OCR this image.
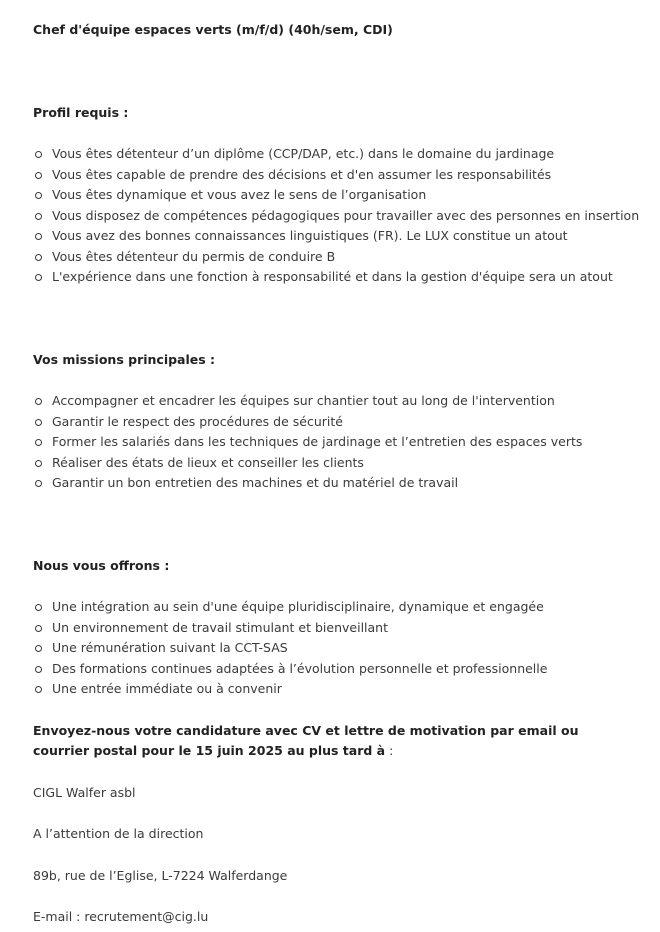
Chef d'équipe espaces verts (m/f/d) (40h/sem, CDI)

Profil requis :

Vous êtes détenteur d’un diplôme (CCP/DAP, etc.) dans le domaine du jardinage
Vous êtes capable de prendre des décisions et d'en assumer les responsabilités
Vous êtes dynamique et vous avez le sens de l’organisation
Vous disposez de compétences pédagogiques pour travailler avec des personnes en insertion
Vous avez des bonnes connaissances linguistiques (FR). Le LUX constitue un atout
Vous êtes détenteur du permis de conduire B
L'expérience dans une fonction à responsabilité et dans la gestion d'équipe sera un atout

Vos missions principales :

Accompagner et encadrer les équipes sur chantier tout au long de l'intervention
Garantir le respect des procédures de sécurité
Former les salariés dans les techniques de jardinage et l’entretien des espaces verts
Réaliser des états de lieux et conseiller les clients
Garantir un bon entretien des machines et du matériel de travail

Nous vous offrons :

Une intégration au sein d'une équipe pluridisciplinaire, dynamique et engagée
Un environnement de travail stimulant et bienveillant
Une rémunération suivant la CCT-SAS
Des formations continues adaptées à l’évolution personnelle et professionnelle
Une entrée immédiate ou à convenir

Envoyez-nous votre candidature avec CV et lettre de motivation par email ou courrier postal pour le 15 juin 2025 au plus tard à :

CIGL Walfer asbl

A l’attention de la direction

89b, rue de l’Eglise, L-7224 Walferdange

E-mail : recrutement@cig.lu
